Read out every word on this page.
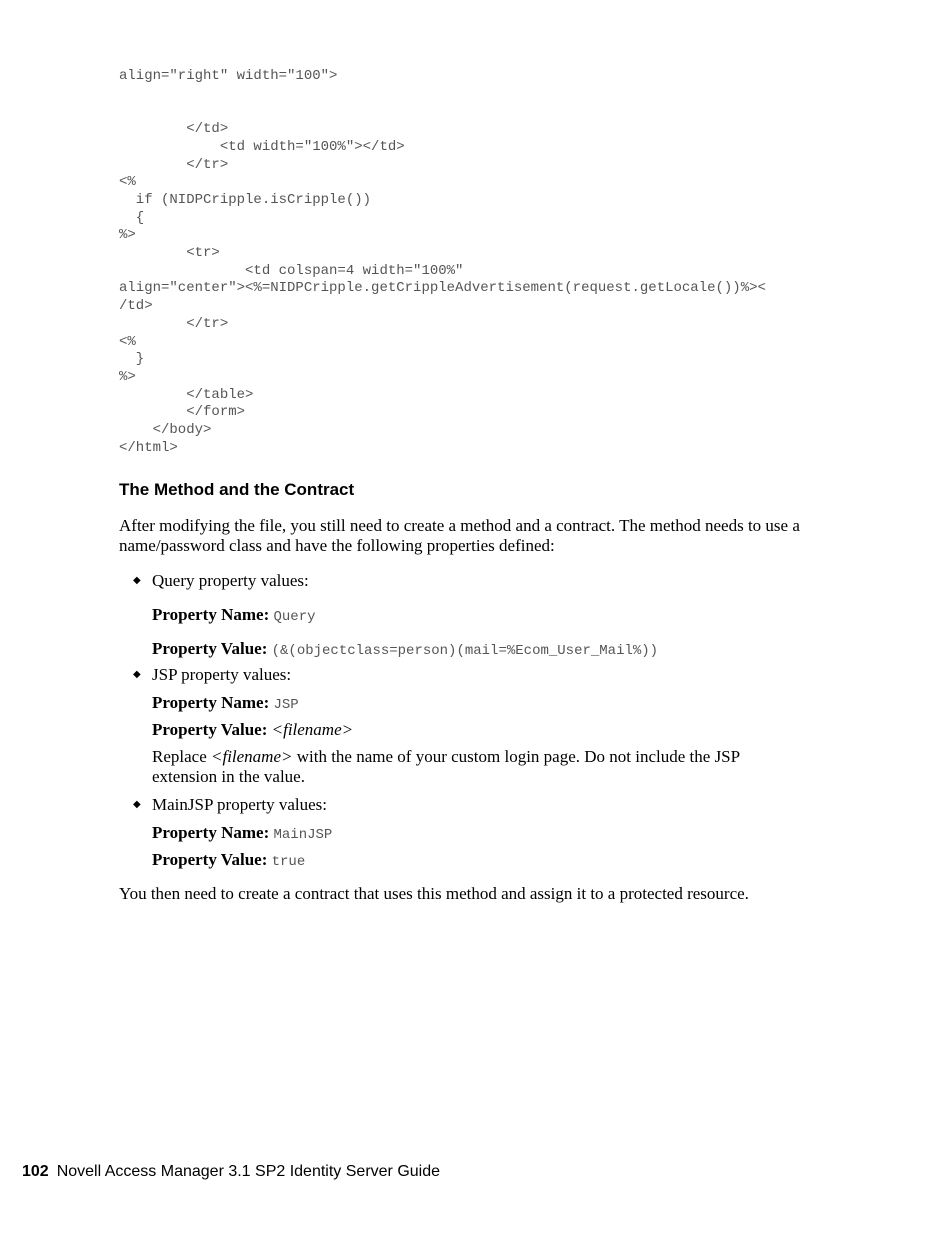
align="right" width="100">

</td>
<td width="100%"></td>
</tr>
<%
if (NIDPCripple.isCripple())
{
%>
<tr>
<td colspan=4 width="100%"
align="center"><%=NIDPCripple.getCrippleAdvertisement(request.getLocale())%><
/td>
</tr>
<%
}
%>
</table>
</form>
</body>
</html>
The Method and the Contract

After modifying the file, you still need to create a method and a contract. The method needs to use a name/password class and have the following properties defined:

◆ Query property values:

Property Name: Query

Property Value: (&(objectclass=person)(mail=%Ecom_User_Mail%))

◆ JSP property values:

Property Name: JSP

Property Value: <filename>

Replace <filename> with the name of your custom login page. Do not include the JSP extension in the value.

◆ MainJSP property values:

Property Name: MainJSP

Property Value: true

You then need to create a contract that uses this method and assign it to a protected resource.

102 Novell Access Manager 3.1 SP2 Identity Server Guide
